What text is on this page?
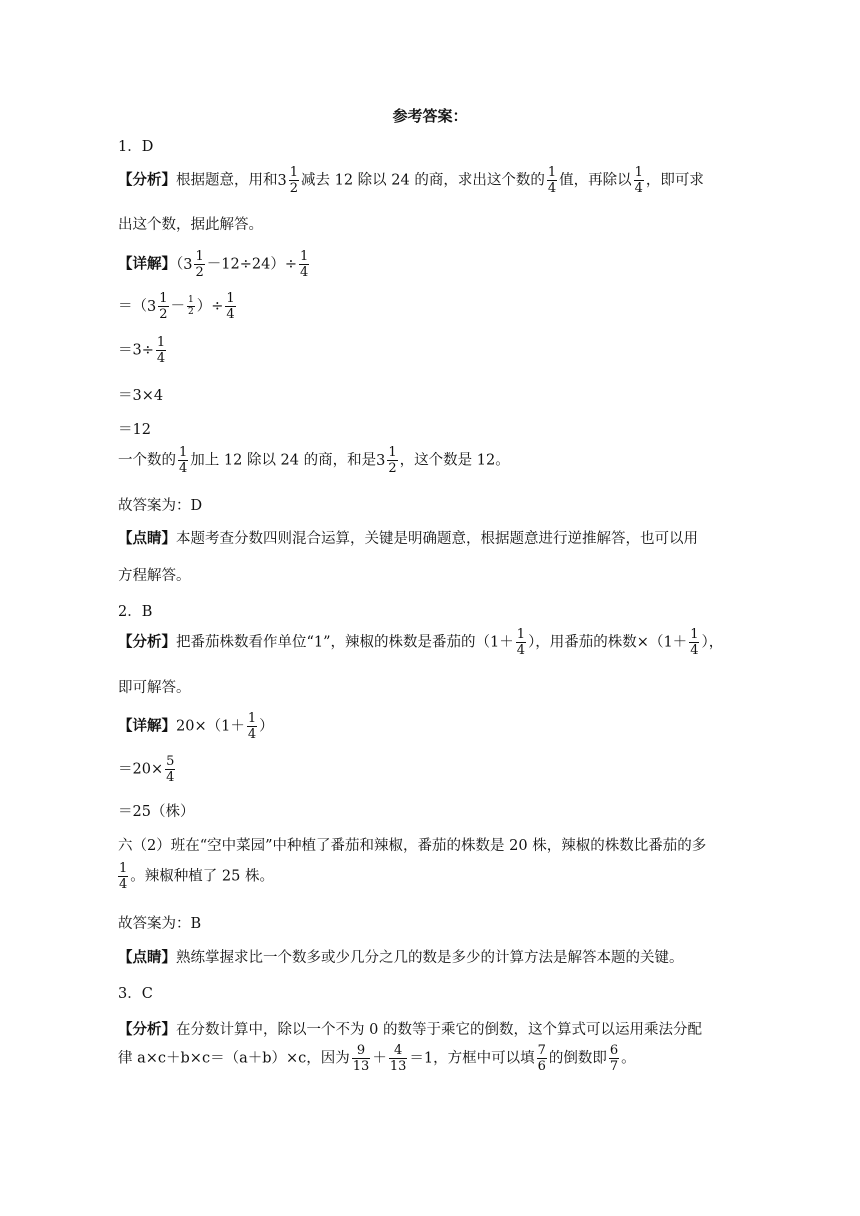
参考答案：
1．D
【分析】根据题意，用和 $3 \frac{1}{2}$ 减去 12 除以 24 的商，求出这个数的 $\frac{1}{4}$ 值，再除以 $\frac{1}{4}$ ，即可求
出这个数，据此解答。
【详解】（ $3 \frac{1}{2} -12\div 24)\div \frac{1}{4}$
＝（ $3 \frac{1}{2} - \frac{1}{2}$ ）÷ $\frac{1}{4}$
$=3\div \frac{1}{4}$
＝3×4
＝12
一个数的 $\frac{1}{4}$ 加上 12 除以 24 的商，和是 $3 \frac{1}{2}$ ，这个数是 12。
故答案为：D
【点睛】本题考查分数四则混合运算，关键是明确题意，根据题意进行逆推解答，也可以用
方程解答。
2．B
【分析】把番茄株数看作单位“1”，辣椒的株数是番茄的（$1+ \frac{1}{4}$ ），用番茄的株数$\times(1+ \frac{1}{4}$ ），
即可解答。
【详解】$20\times(1+ \frac{1}{4}$ ）
$=20\times \frac{5}{4}$
＝25（株）
六（2）班在“空中菜园”中种植了番茄和辣椒，番茄的株数是 20 株，辣椒的株数比番茄的多
$\frac{1}{4}$ 。辣椒种植了 25 株。
故答案为：B
【点睛】熟练掌握求比一个数多或少几分之几的数是多少的计算方法是解答本题的关键。
3．C
【分析】在分数计算中，除以一个不为 0 的数等于乘它的倒数，这个算式可以运用乘法分配
律 a×c＋b×c＝（a＋b）×c，因为 $\frac{9}{13} + \frac{4}{13} =1$，方框中可以填 $\frac{7}{6}$ 的倒数即 $\frac{6}{7}$ 。
